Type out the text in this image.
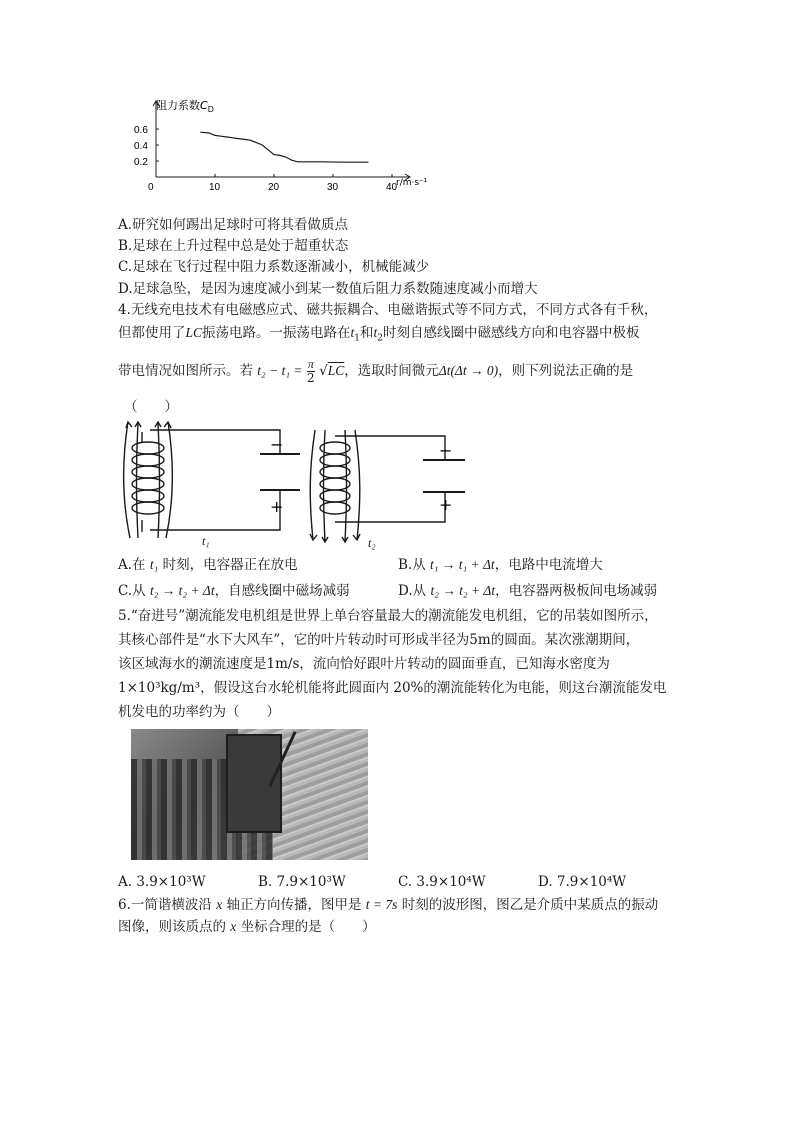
0	10	20	30	40
0.6
0.4
0.2
阻力系数$C_D$
r/m·s⁻¹
A.研究如何踢出足球时可将其看做质点
B.足球在上升过程中总是处于超重状态
C.足球在飞行过程中阻力系数逐渐减小，机械能减少
D.足球急坠，是因为速度减小到某一数值后阻力系数随速度减小而增大
4.无线充电技术有电磁感应式、磁共振耦合、电磁谐振式等不同方式，不同方式各有千秋，
但都使用了LC振荡电路。一振荡电路在$t_1$和$t_2$时刻自感线圈中磁感线方向和电容器中极板
带电情况如图所示。若 $t_2 - t_1 = \frac{\pi}{2} √LC$，选取时间微元Δt(Δt → 0)，则下列说法正确的是
（　　）
−
+
t₁
−
+
t₂
A.在 t₁ 时刻，电容器正在放电	B.从 t₁ → t₁ + Δt，电路中电流增大
C.从 t₂ → t₂ + Δt，自感线圈中磁场减弱	D.从 t₂ → t₂ + Δt，电容器两极板间电场减弱
5.“奋进号”潮流能发电机组是世界上单台容量最大的潮流能发电机组，它的吊装如图所示，
其核心部件是“水下大风车”，它的叶片转动时可形成半径为5m的圆面。某次涨潮期间，
该区域海水的潮流速度是1m/s，流向恰好跟叶片转动的圆面垂直，已知海水密度为
1×10³kg/m³，假设这台水轮机能将此圆面内 20%的潮流能转化为电能，则这台潮流能发电
机发电的功率约为（　　）
A. 3.9×10³W	B. 7.9×10³W	C. 3.9×10⁴W	D. 7.9×10⁴W
6.一简谐横波沿 x 轴正方向传播，图甲是 t = 7s 时刻的波形图，图乙是介质中某质点的振动
图像，则该质点的 x 坐标合理的是（　　）
